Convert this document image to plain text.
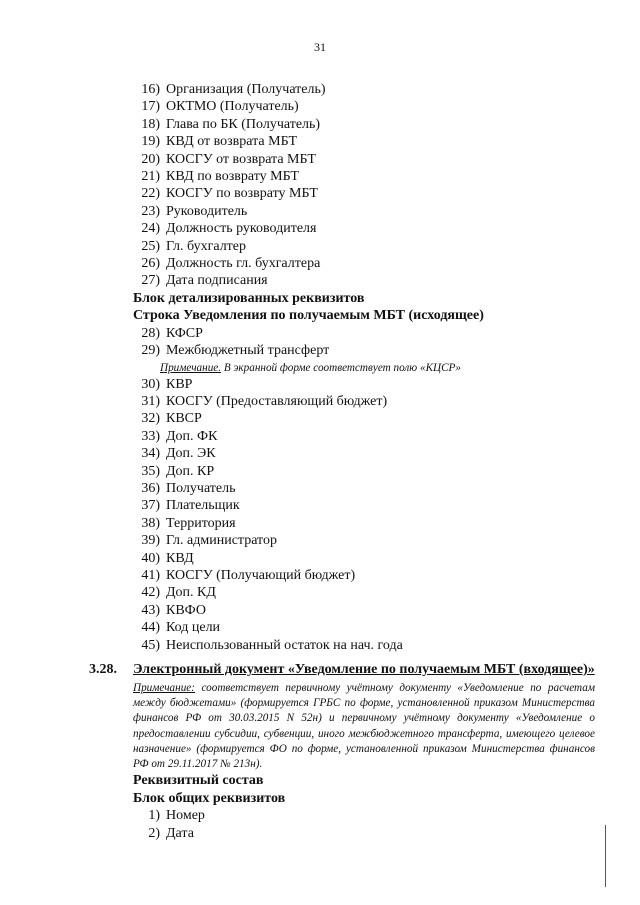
31
16) Организация (Получатель)
17) ОКТМО (Получатель)
18) Глава по БК (Получатель)
19) КВД от возврата МБТ
20) КОСГУ от возврата МБТ
21) КВД по возврату МБТ
22) КОСГУ по возврату МБТ
23) Руководитель
24) Должность руководителя
25) Гл. бухгалтер
26) Должность гл. бухгалтера
27) Дата подписания
Блок детализированных реквизитов
Строка Уведомления по получаемым МБТ (исходящее)
28) КФСР
29) Межбюджетный трансферт
Примечание. В экранной форме соответствует полю «КЦСР»
30) КВР
31) КОСГУ (Предоставляющий бюджет)
32) КВСР
33) Доп. ФК
34) Доп. ЭК
35) Доп. КР
36) Получатель
37) Плательщик
38) Территория
39) Гл. администратор
40) КВД
41) КОСГУ (Получающий бюджет)
42) Доп. КД
43) КВФО
44) Код цели
45) Неиспользованный остаток на нач. года
3.28. Электронный документ «Уведомление по получаемым МБТ (входящее)»
Примечание: соответствует первичному учётному документу «Уведомление по расчетам между бюджетами» (формируется ГРБС по форме, установленной приказом Министерства финансов РФ от 30.03.2015 N 52н) и первичному учётному документу «Уведомление о предоставлении субсидии, субвенции, иного межбюджетного трансферта, имеющего целевое назначение» (формируется ФО по форме, установленной приказом Министерства финансов РФ от 29.11.2017 № 213н).
Реквизитный состав
Блок общих реквизитов
1) Номер
2) Дата
